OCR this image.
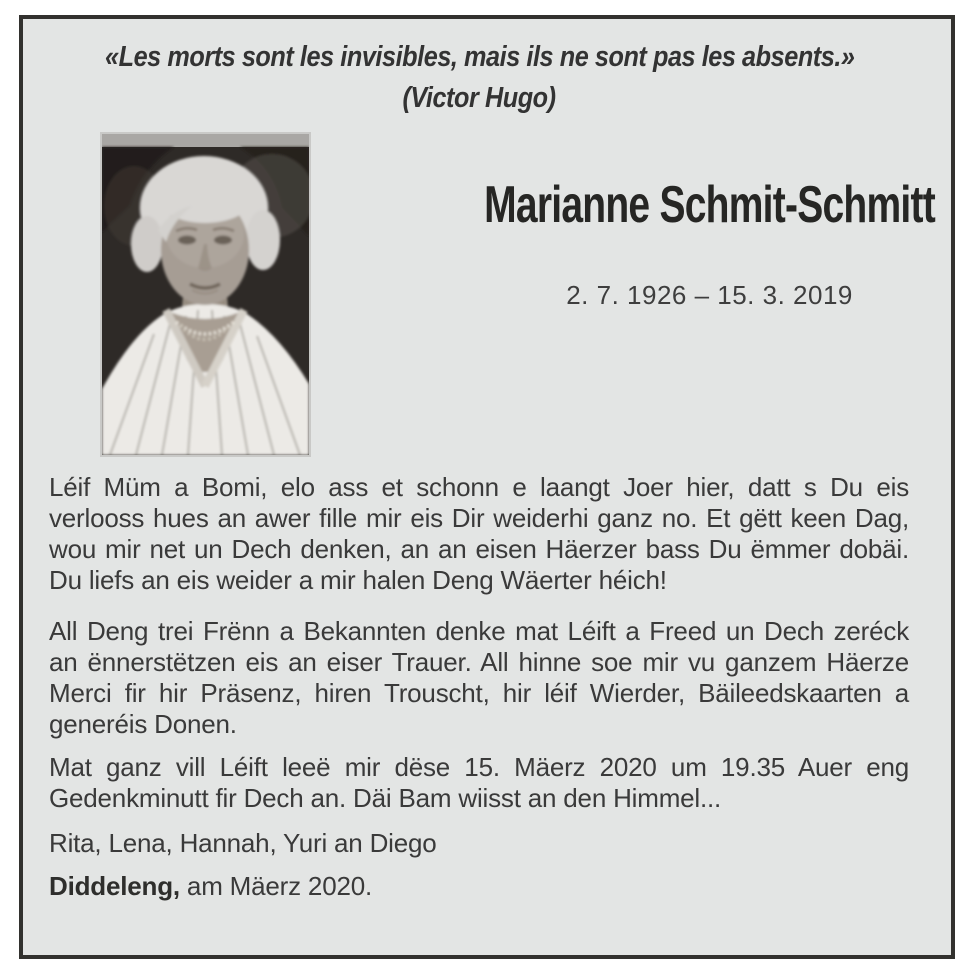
«Les morts sont les invisibles, mais ils ne sont pas les absents.»
(Victor Hugo)
Marianne Schmit-Schmitt
2. 7. 1926 – 15. 3. 2019

Léif Müm a Bomi, elo ass et schonn e laangt Joer hier, datt s Du eis verlooss hues an awer fille mir eis Dir weiderhi ganz no. Et gëtt keen Dag, wou mir net un Dech denken, an an eisen Häerzer bass Du ëmmer dobäi. Du liefs an eis weider a mir halen Deng Wäerter héich!

All Deng trei Frënn a Bekannten denke mat Léift a Freed un Dech zeréck an ënnerstëtzen eis an eiser Trauer. All hinne soe mir vu ganzem Häerze Merci fir hir Präsenz, hiren Trouscht, hir léif Wierder, Bäileedskaarten a generéis Donen.

Mat ganz vill Léift leeë mir dëse 15. Mäerz 2020 um 19.35 Auer eng Gedenkminutt fir Dech an. Däi Bam wiisst an den Himmel...

Rita, Lena, Hannah, Yuri an Diego

Diddeleng, am Mäerz 2020.
